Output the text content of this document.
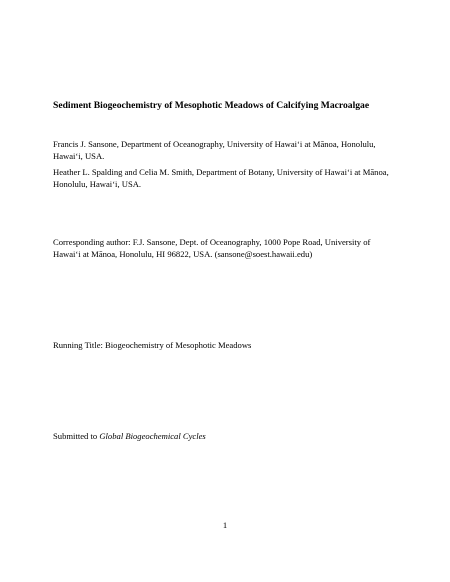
Sediment Biogeochemistry of Mesophotic Meadows of Calcifying Macroalgae

Francis J. Sansone, Department of Oceanography, University of Hawai‘i at Mānoa, Honolulu, Hawai‘i, USA.

Heather L. Spalding and Celia M. Smith, Department of Botany, University of Hawai‘i at Mānoa, Honolulu, Hawai‘i, USA.

Corresponding author: F.J. Sansone, Dept. of Oceanography, 1000 Pope Road, University of Hawai‘i at Mānoa, Honolulu, HI 96822, USA. (sansone@soest.hawaii.edu)

Running Title: Biogeochemistry of Mesophotic Meadows

Submitted to Global Biogeochemical Cycles

1
